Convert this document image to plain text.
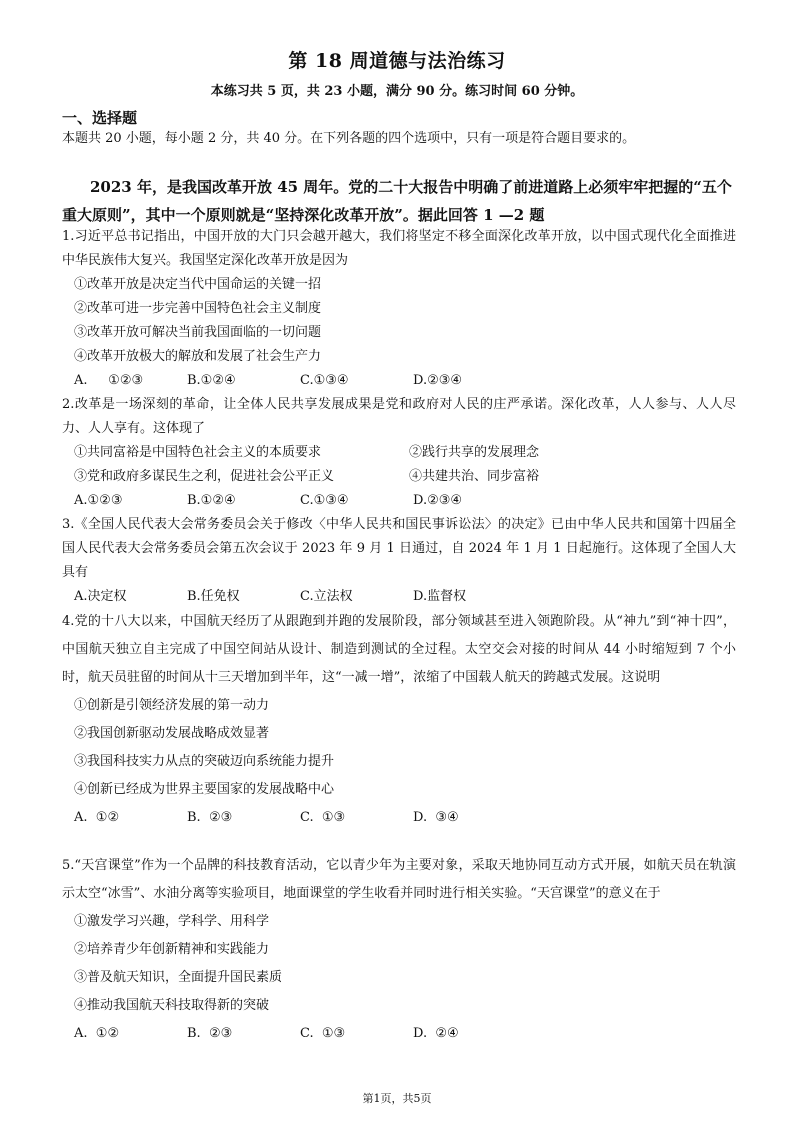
第 18 周道德与法治练习
本练习共 5 页，共 23 小题，满分 90 分。练习时间 60 分钟。
一、选择题
本题共 20 小题，每小题 2 分，共 40 分。在下列各题的四个选项中，只有一项是符合题目要求的。
2023 年，是我国改革开放 45 周年。党的二十大报告中明确了前进道路上必须牢牢把握的“五个重大原则”，其中一个原则就是“坚持深化改革开放”。据此回答 1 —2 题
1.习近平总书记指出，中国开放的大门只会越开越大，我们将坚定不移全面深化改革开放，以中国式现代化全面推进中华民族伟大复兴。我国坚定深化改革开放是因为
①改革开放是决定当代中国命运的关键一招
②改革可进一步完善中国特色社会主义制度
③改革开放可解决当前我国面临的一切问题
④改革开放极大的解放和发展了社会生产力
A.     ①②③	B.①②④	C.①③④	D.②③④
2.改革是一场深刻的革命，让全体人民共享发展成果是党和政府对人民的庄严承诺。深化改革，人人参与、人人尽力、人人享有。这体现了
①共同富裕是中国特色社会主义的本质要求	②践行共享的发展理念
③党和政府多谋民生之利，促进社会公平正义	④共建共治、同步富裕
A.①②③	B.①②④	C.①③④	D.②③④
3.《全国人民代表大会常务委员会关于修改〈中华人民共和国民事诉讼法〉的决定》已由中华人民共和国第十四届全国人民代表大会常务委员会第五次会议于 2023 年 9 月 1 日通过，自 2024 年 1 月 1 日起施行。这体现了全国人大具有
A.决定权	B.任免权	C.立法权	D.监督权
4.党的十八大以来，中国航天经历了从跟跑到并跑的发展阶段，部分领域甚至进入领跑阶段。从“神九”到“神十四”，中国航天独立自主完成了中国空间站从设计、制造到测试的全过程。太空交会对接的时间从 44 小时缩短到 7 个小时，航天员驻留的时间从十三天增加到半年，这“一减一增”，浓缩了中国载人航天的跨越式发展。这说明
①创新是引领经济发展的第一动力
②我国创新驱动发展战略成效显著
③我国科技实力从点的突破迈向系统能力提升
④创新已经成为世界主要国家的发展战略中心
A.  ①②	B.  ②③	C.  ①③	D.  ③④
5.“天宫课堂”作为一个品牌的科技教育活动，它以青少年为主要对象，采取天地协同互动方式开展，如航天员在轨演示太空“冰雪”、水油分离等实验项目，地面课堂的学生收看并同时进行相关实验。“天宫课堂”的意义在于
①激发学习兴趣，学科学、用科学
②培养青少年创新精神和实践能力
③普及航天知识，全面提升国民素质
④推动我国航天科技取得新的突破
A.  ①②	B.  ②③	C.  ①③	D.  ②④
第1页，共5页
